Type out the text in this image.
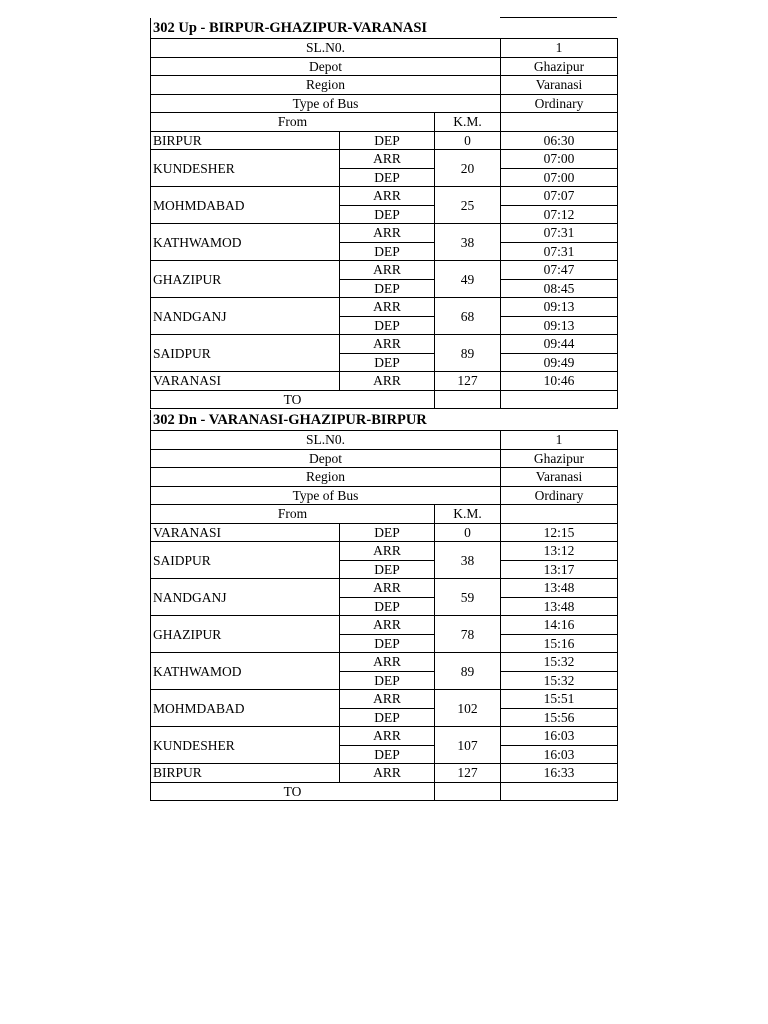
302 Up - BIRPUR-GHAZIPUR-VARANASI
SL.N0.			1
Depot			Ghazipur
Region			Varanasi
Type of Bus			Ordinary
From		K.M.	
BIRPUR	DEP	0	06:30
KUNDESHER	ARR	20	07:00
	DEP		07:00
MOHMDABAD	ARR	25	07:07
	DEP		07:12
KATHWAMOD	ARR	38	07:31
	DEP		07:31
GHAZIPUR	ARR	49	07:47
	DEP		08:45
NANDGANJ	ARR	68	09:13
	DEP		09:13
SAIDPUR	ARR	89	09:44
	DEP		09:49
VARANASI	ARR	127	10:46
TO			
302 Dn - VARANASI-GHAZIPUR-BIRPUR
SL.N0.			1
Depot			Ghazipur
Region			Varanasi
Type of Bus			Ordinary
From		K.M.	
VARANASI	DEP	0	12:15
SAIDPUR	ARR	38	13:12
	DEP		13:17
NANDGANJ	ARR	59	13:48
	DEP		13:48
GHAZIPUR	ARR	78	14:16
	DEP		15:16
KATHWAMOD	ARR	89	15:32
	DEP		15:32
MOHMDABAD	ARR	102	15:51
	DEP		15:56
KUNDESHER	ARR	107	16:03
	DEP		16:03
BIRPUR	ARR	127	16:33
TO			
